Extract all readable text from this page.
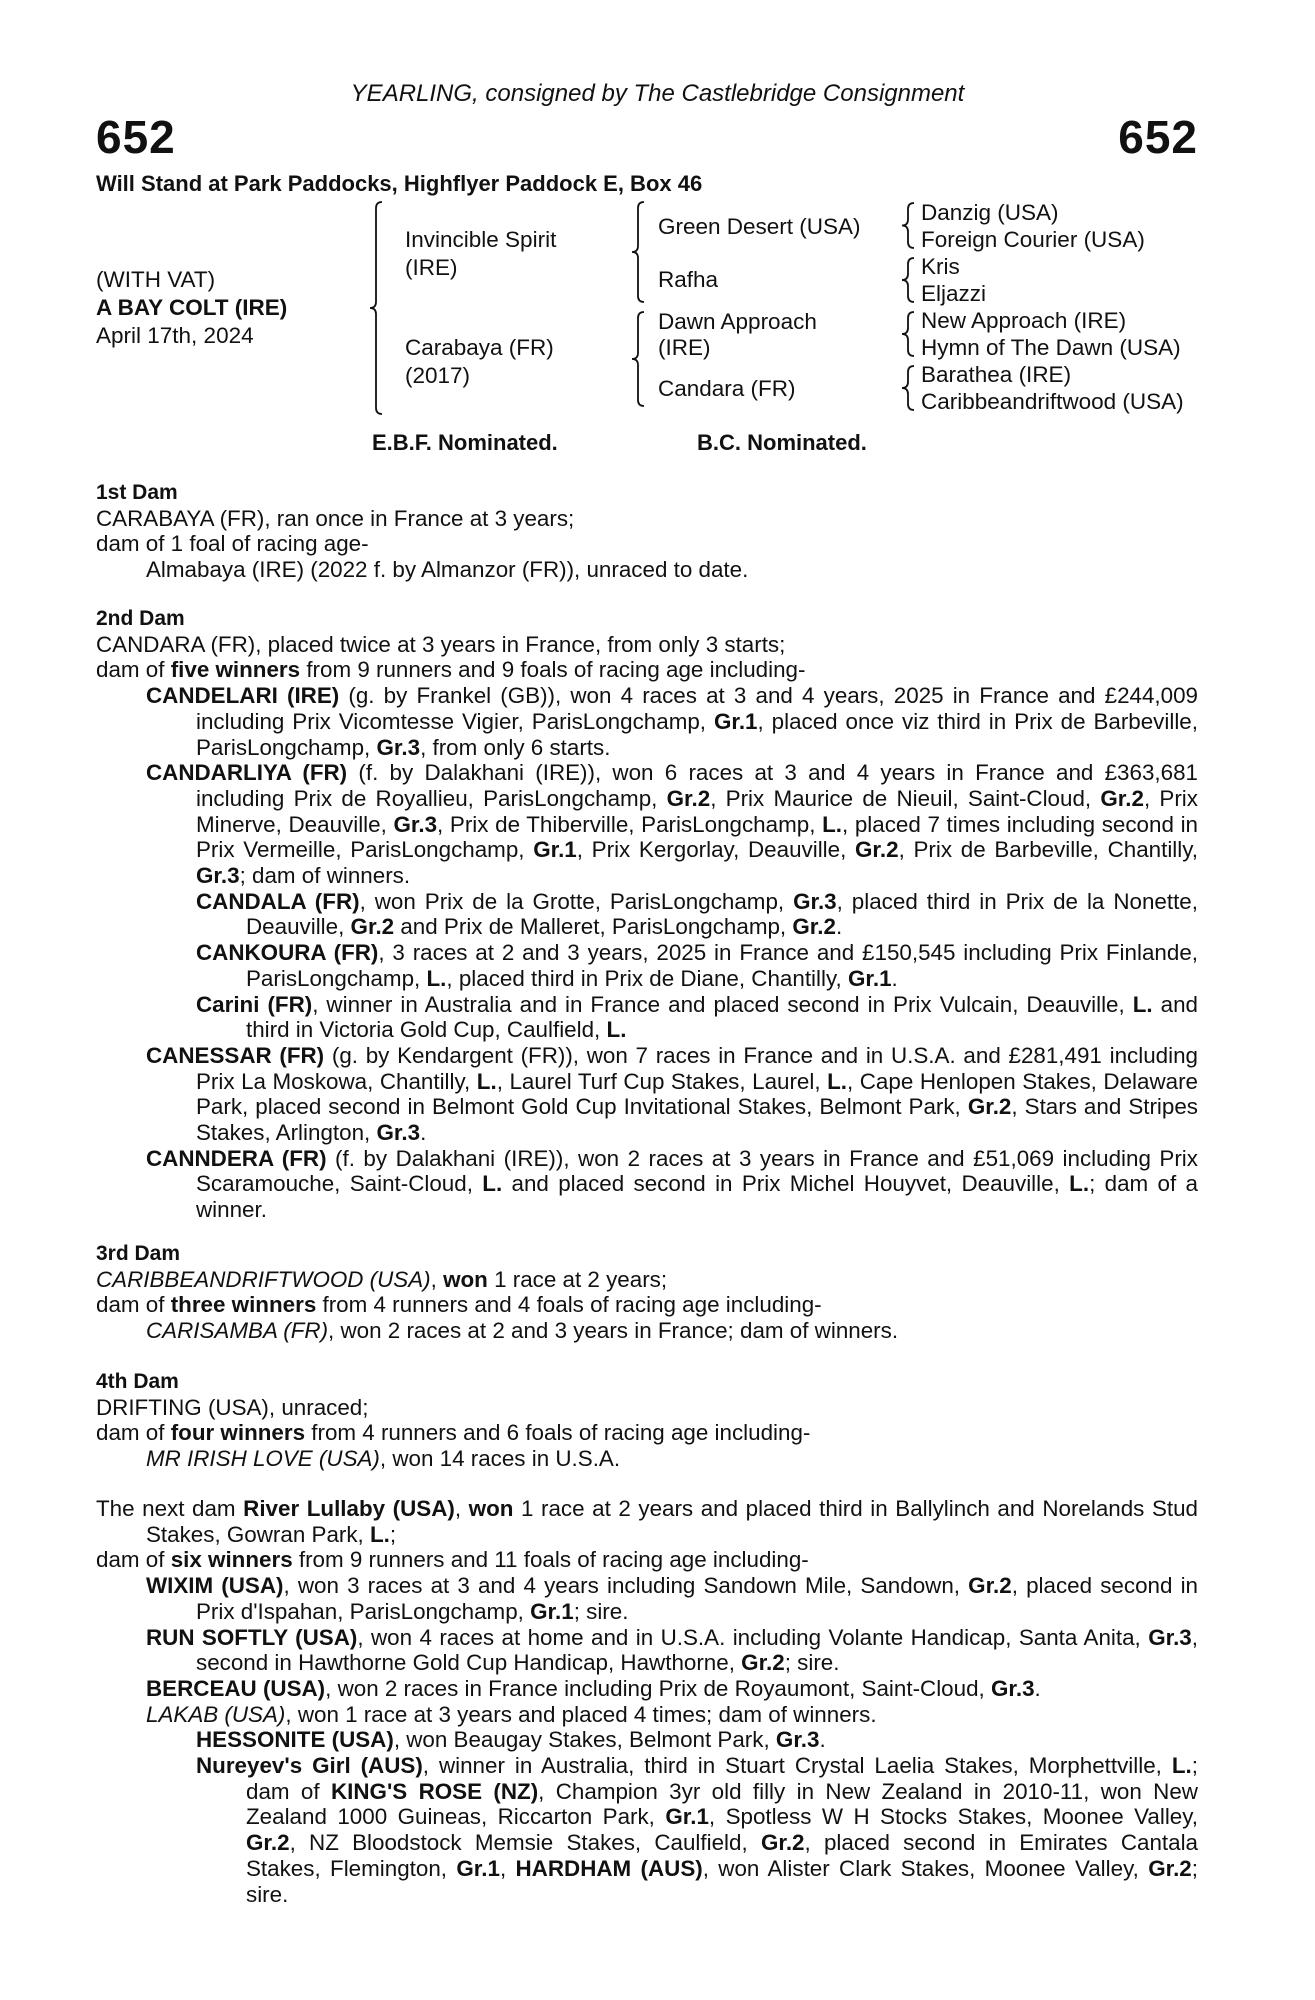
YEARLING, consigned by The Castlebridge Consignment
652	652
Will Stand at Park Paddocks, Highflyer Paddock E, Box 46
(WITH VAT)
A BAY COLT (IRE)
April 17th, 2024
Invincible Spirit
(IRE)
Carabaya (FR)
(2017)
Green Desert (USA)
Rafha
Dawn Approach
(IRE)
Candara (FR)
Danzig (USA)
Foreign Courier (USA)
Kris
Eljazzi
New Approach (IRE)
Hymn of The Dawn (USA)
Barathea (IRE)
Caribbeandriftwood (USA)
E.B.F. Nominated.	B.C. Nominated.
1st Dam
CARABAYA (FR), ran once in France at 3 years;
dam of 1 foal of racing age-
Almabaya (IRE) (2022 f. by Almanzor (FR)), unraced to date.
2nd Dam
CANDARA (FR), placed twice at 3 years in France, from only 3 starts;
dam of five winners from 9 runners and 9 foals of racing age including-
CANDELARI (IRE) (g. by Frankel (GB)), won 4 races at 3 and 4 years, 2025 in France and £244,009 including Prix Vicomtesse Vigier, ParisLongchamp, Gr.1, placed once viz third in Prix de Barbeville, ParisLongchamp, Gr.3, from only 6 starts.
CANDARLIYA (FR) (f. by Dalakhani (IRE)), won 6 races at 3 and 4 years in France and £363,681 including Prix de Royallieu, ParisLongchamp, Gr.2, Prix Maurice de Nieuil, Saint-Cloud, Gr.2, Prix Minerve, Deauville, Gr.3, Prix de Thiberville, ParisLongchamp, L., placed 7 times including second in Prix Vermeille, ParisLongchamp, Gr.1, Prix Kergorlay, Deauville, Gr.2, Prix de Barbeville, Chantilly, Gr.3; dam of winners.
CANDALA (FR), won Prix de la Grotte, ParisLongchamp, Gr.3, placed third in Prix de la Nonette, Deauville, Gr.2 and Prix de Malleret, ParisLongchamp, Gr.2.
CANKOURA (FR), 3 races at 2 and 3 years, 2025 in France and £150,545 including Prix Finlande, ParisLongchamp, L., placed third in Prix de Diane, Chantilly, Gr.1.
Carini (FR), winner in Australia and in France and placed second in Prix Vulcain, Deauville, L. and third in Victoria Gold Cup, Caulfield, L.
CANESSAR (FR) (g. by Kendargent (FR)), won 7 races in France and in U.S.A. and £281,491 including Prix La Moskowa, Chantilly, L., Laurel Turf Cup Stakes, Laurel, L., Cape Henlopen Stakes, Delaware Park, placed second in Belmont Gold Cup Invitational Stakes, Belmont Park, Gr.2, Stars and Stripes Stakes, Arlington, Gr.3.
CANNDERA (FR) (f. by Dalakhani (IRE)), won 2 races at 3 years in France and £51,069 including Prix Scaramouche, Saint-Cloud, L. and placed second in Prix Michel Houyvet, Deauville, L.; dam of a winner.
3rd Dam
CARIBBEANDRIFTWOOD (USA), won 1 race at 2 years;
dam of three winners from 4 runners and 4 foals of racing age including-
CARISAMBA (FR), won 2 races at 2 and 3 years in France; dam of winners.
4th Dam
DRIFTING (USA), unraced;
dam of four winners from 4 runners and 6 foals of racing age including-
MR IRISH LOVE (USA), won 14 races in U.S.A.
The next dam River Lullaby (USA), won 1 race at 2 years and placed third in Ballylinch and Norelands Stud Stakes, Gowran Park, L.;
dam of six winners from 9 runners and 11 foals of racing age including-
WIXIM (USA), won 3 races at 3 and 4 years including Sandown Mile, Sandown, Gr.2, placed second in Prix d'Ispahan, ParisLongchamp, Gr.1; sire.
RUN SOFTLY (USA), won 4 races at home and in U.S.A. including Volante Handicap, Santa Anita, Gr.3, second in Hawthorne Gold Cup Handicap, Hawthorne, Gr.2; sire.
BERCEAU (USA), won 2 races in France including Prix de Royaumont, Saint-Cloud, Gr.3.
LAKAB (USA), won 1 race at 3 years and placed 4 times; dam of winners.
HESSONITE (USA), won Beaugay Stakes, Belmont Park, Gr.3.
Nureyev's Girl (AUS), winner in Australia, third in Stuart Crystal Laelia Stakes, Morphettville, L.; dam of KING'S ROSE (NZ), Champion 3yr old filly in New Zealand in 2010-11, won New Zealand 1000 Guineas, Riccarton Park, Gr.1, Spotless W H Stocks Stakes, Moonee Valley, Gr.2, NZ Bloodstock Memsie Stakes, Caulfield, Gr.2, placed second in Emirates Cantala Stakes, Flemington, Gr.1, HARDHAM (AUS), won Alister Clark Stakes, Moonee Valley, Gr.2; sire.
